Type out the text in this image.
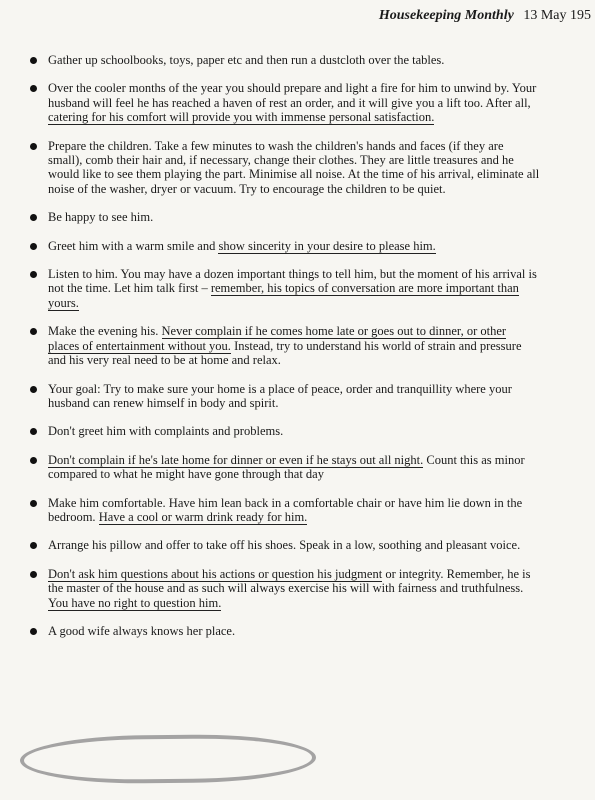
Housekeeping Monthly 13 May 195
Gather up schoolbooks, toys, paper etc and then run a dustcloth over the tables.
Over the cooler months of the year you should prepare and light a fire for him to unwind by. Your husband will feel he has reached a haven of rest an order, and it will give you a lift too. After all, catering for his comfort will provide you with immense personal satisfaction.
Prepare the children. Take a few minutes to wash the children's hands and faces (if they are small), comb their hair and, if necessary, change their clothes. They are little treasures and he would like to see them playing the part. Minimise all noise. At the time of his arrival, eliminate all noise of the washer, dryer or vacuum. Try to encourage the children to be quiet.
Be happy to see him.
Greet him with a warm smile and show sincerity in your desire to please him.
Listen to him. You may have a dozen important things to tell him, but the moment of his arrival is not the time. Let him talk first – remember, his topics of conversation are more important than yours.
Make the evening his. Never complain if he comes home late or goes out to dinner, or other places of entertainment without you. Instead, try to understand his world of strain and pressure and his very real need to be at home and relax.
Your goal: Try to make sure your home is a place of peace, order and tranquillity where your husband can renew himself in body and spirit.
Don't greet him with complaints and problems.
Don't complain if he's late home for dinner or even if he stays out all night. Count this as minor compared to what he might have gone through that day
Make him comfortable. Have him lean back in a comfortable chair or have him lie down in the bedroom. Have a cool or warm drink ready for him.
Arrange his pillow and offer to take off his shoes. Speak in a low, soothing and pleasant voice.
Don't ask him questions about his actions or question his judgment or integrity. Remember, he is the master of the house and as such will always exercise his will with fairness and truthfulness. You have no right to question him.
A good wife always knows her place.
